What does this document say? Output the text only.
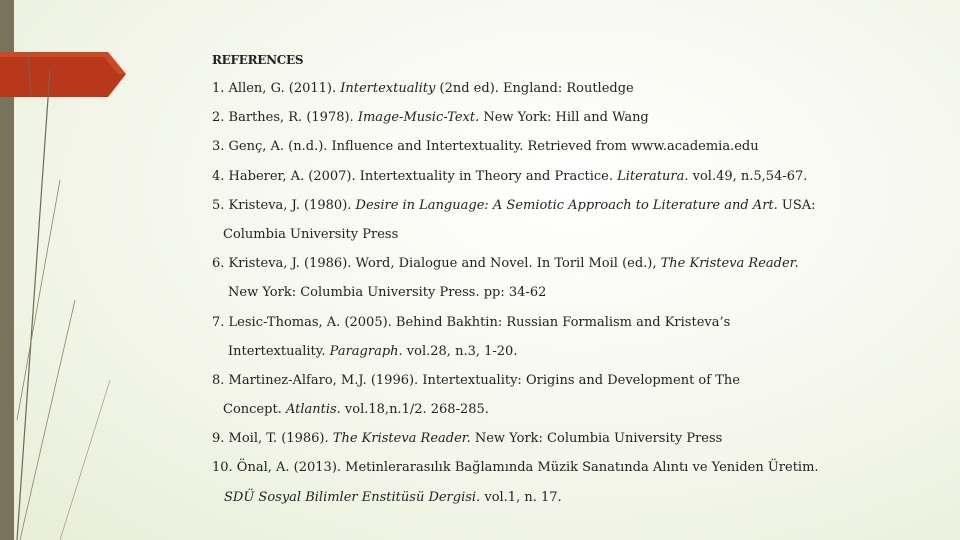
REFERENCES
1. Allen, G. (2011). Intertextuality (2nd ed). England: Routledge
2. Barthes, R. (1978). Image-Music-Text. New York: Hill and Wang
3. Genç, A. (n.d.). Influence and Intertextuality. Retrieved from www.academia.edu
4. Haberer, A. (2007). Intertextuality in Theory and Practice. Literatura. vol.49, n.5,54-67.
5. Kristeva, J. (1980). Desire in Language: A Semiotic Approach to Literature and Art. USA:
Columbia University Press
6. Kristeva, J. (1986). Word, Dialogue and Novel. In Toril Moil (ed.), The Kristeva Reader.
New York: Columbia University Press. pp: 34-62
7. Lesic-Thomas, A. (2005). Behind Bakhtin: Russian Formalism and Kristeva’s
Intertextuality. Paragraph. vol.28, n.3, 1-20.
8. Martinez-Alfaro, M.J. (1996). Intertextuality: Origins and Development of The
Concept. Atlantis. vol.18,n.1/2. 268-285.
9. Moil, T. (1986). The Kristeva Reader. New York: Columbia University Press
10. Önal, A. (2013). Metinlerarasılık Bağlamında Müzik Sanatında Alıntı ve Yeniden Üretim.
SDÜ Sosyal Bilimler Enstitüsü Dergisi. vol.1, n. 17.
